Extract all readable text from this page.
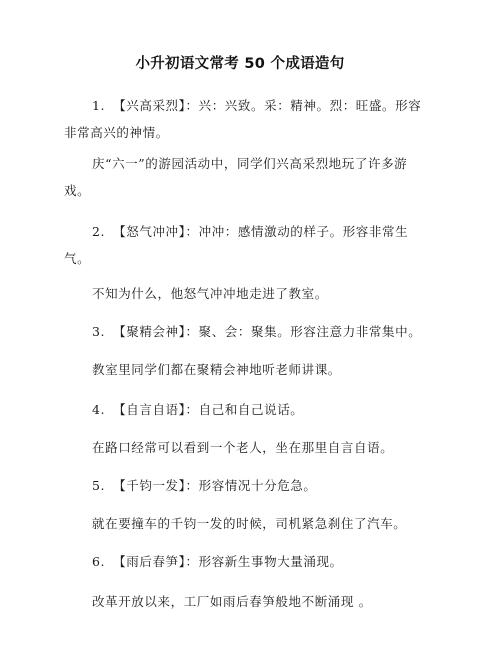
小升初语文常考 50 个成语造句
1. 【兴高采烈】：兴：兴致。采：精神。烈：旺盛。形容
非常高兴的神情。
庆“六一”的游园活动中，同学们兴高采烈地玩了许多游
戏。
2. 【怒气冲冲】：冲冲：感情激动的样子。形容非常生
气。
不知为什么，他怒气冲冲地走进了教室。
3. 【聚精会神】：聚、会：聚集。形容注意力非常集中。
教室里同学们都在聚精会神地听老师讲课。
4. 【自言自语】：自己和自己说话。
在路口经常可以看到一个老人，坐在那里自言自语。
5. 【千钧一发】：形容情况十分危急。
就在要撞车的千钧一发的时候，司机紧急刹住了汽车。
6. 【雨后春笋】：形容新生事物大量涌现。
改革开放以来，工厂如雨后春笋般地不断涌现 。
